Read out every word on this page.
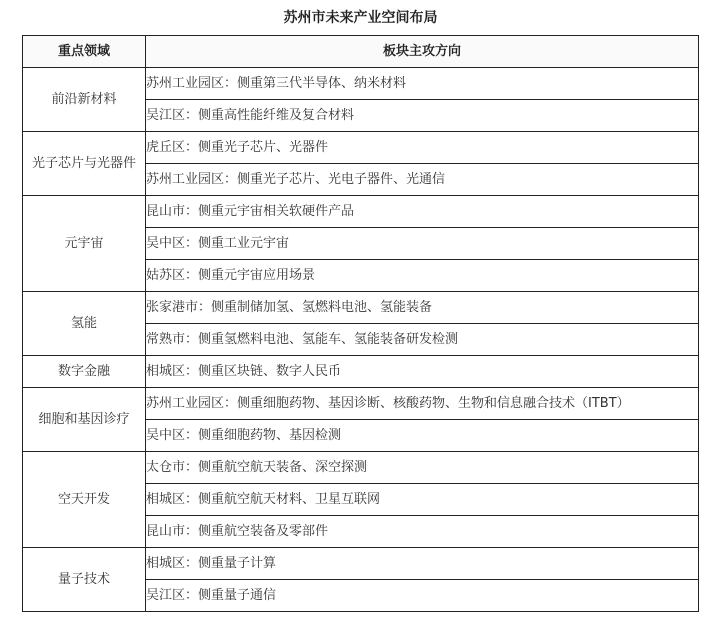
苏州市未来产业空间布局
重点领域	板块主攻方向
前沿新材料	苏州工业园区：侧重第三代半导体、纳米材料
	吴江区：侧重高性能纤维及复合材料
光子芯片与光器件	虎丘区：侧重光子芯片、光器件
	苏州工业园区：侧重光子芯片、光电子器件、光通信
元宇宙	昆山市：侧重元宇宙相关软硬件产品
	吴中区：侧重工业元宇宙
	姑苏区：侧重元宇宙应用场景
氢能	张家港市：侧重制储加氢、氢燃料电池、氢能装备
	常熟市：侧重氢燃料电池、氢能车、氢能装备研发检测
数字金融	相城区：侧重区块链、数字人民币
细胞和基因诊疗	苏州工业园区：侧重细胞药物、基因诊断、核酸药物、生物和信息融合技术（ITBT）
	吴中区：侧重细胞药物、基因检测
空天开发	太仓市：侧重航空航天装备、深空探测
	相城区：侧重航空航天材料、卫星互联网
	昆山市：侧重航空装备及零部件
量子技术	相城区：侧重量子计算
	吴江区：侧重量子通信
